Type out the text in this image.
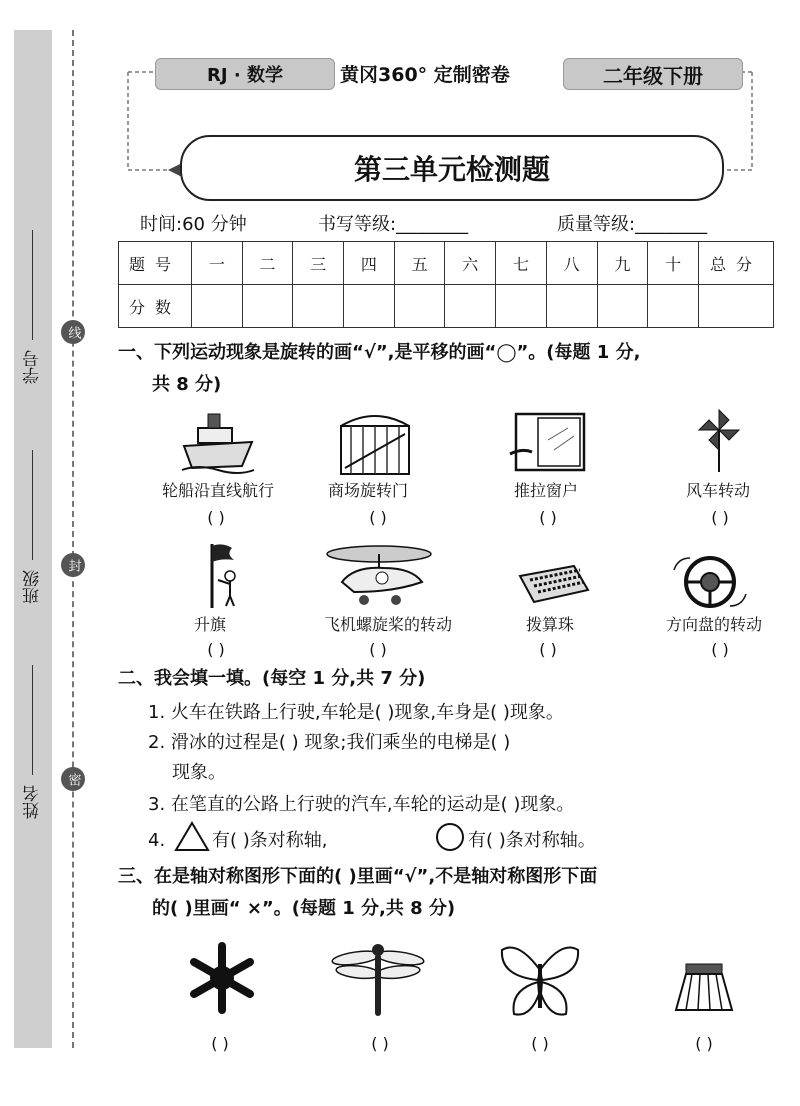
学号
班级
姓名
线
封
密
RJ · 数学	黄冈360° 定制密卷	二年级下册
第三单元检测题
时间:60 分钟	书写等级:________	质量等级:________
题号	一	二	三	四	五	六	七	八	九	十	总分
分数											
一、下列运动现象是旋转的画“√”,是平移的画“◯”。(每题 1 分,
共 8 分)
轮船沿直线航行	商场旋转门	推拉窗户	风车转动
( )	( )	( )	( )
升旗	飞机螺旋桨的转动	拨算珠	方向盘的转动
( )	( )	( )	( )
二、我会填一填。(每空 1 分,共 7 分)
1. 火车在铁路上行驶,车轮是( )现象,车身是( )现象。
2. 滑冰的过程是( ) 现象;我们乘坐的电梯是( )
现象。
3. 在笔直的公路上行驶的汽车,车轮的运动是( )现象。
4.	有( )条对称轴,	有( )条对称轴。
三、在是轴对称图形下面的( )里画“√”,不是轴对称图形下面
的( )里画“ ×”。(每题 1 分,共 8 分)
( )	( )	( )	( )
